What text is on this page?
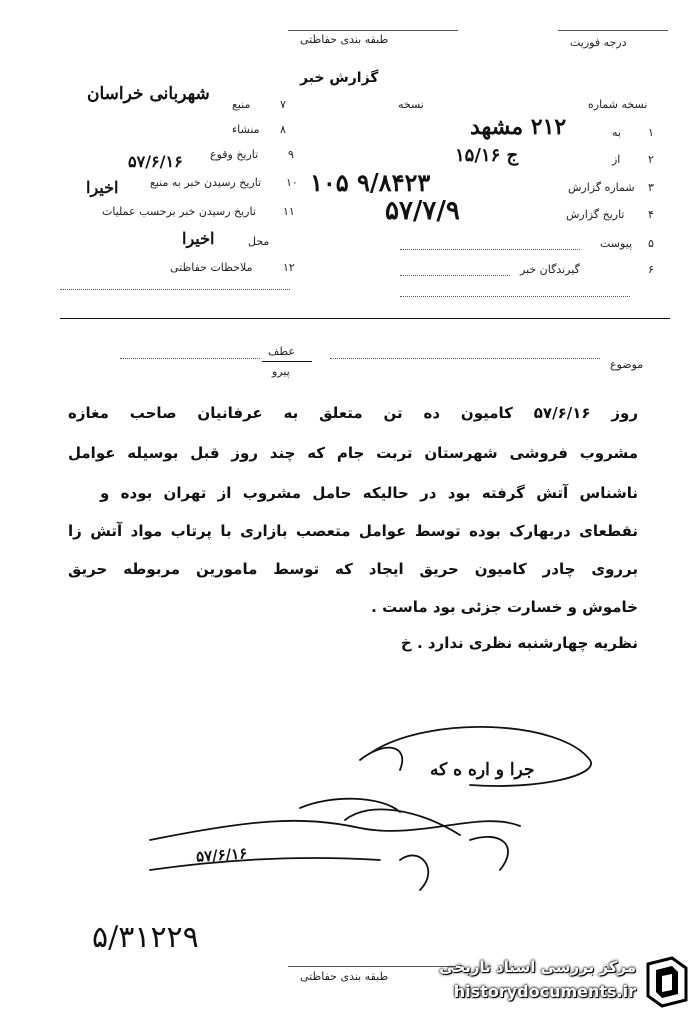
طبقه بندی حفاظتی	درجه فوریت
گزارش خبر
شهربانی خراسان
نسخه شماره
نسخه
۱
به
۲۱۲ مشهد
۲
از
ج ۱۵/۱۶
۳
شماره گزارش
۱۰۵ ۹/۸۴۲۳
۴
تاریخ گزارش
۵۷/۷/۹
۵
پیوست
۶
گیرندگان خبر
۷
منبع
۸
منشاء
۹
تاریخ وقوع
۵۷/۶/۱۶
۱۰
تاریخ رسیدن خبر به منبع
اخیرا
۱۱
تاریخ رسیدن خبر برحسب عملیات
محل
اخیرا
۱۲
ملاحظات حفاظتی
عطف
پیرو
موضوع
روز ۵۷/۶/۱۶ کامیون ده تن متعلق به عرفانیان صاحب مغازه
مشروب فروشی شهرستان تربت جام که چند روز قبل بوسیله عوامل
ناشناس آتش گرفته بود در حالیکه حامل مشروب از تهران بوده و
نقطعای دربهارک بوده توسط عوامل متعصب بازاری با پرتاب مواد آتش زا
برروی چادر کامیون حریق ایجاد که توسط مامورین مربوطه حریق
خاموش و خسارت جزئی بود ماست .
نظریه چهارشنبه نظری ندارد . خ
جرا و اره ه که
۵۷/۶/۱۶
۵/۳۱۲۲۹
طبقه بندی حفاظتی
مرکز بررسی اسناد تاریخی
historydocuments.ir
